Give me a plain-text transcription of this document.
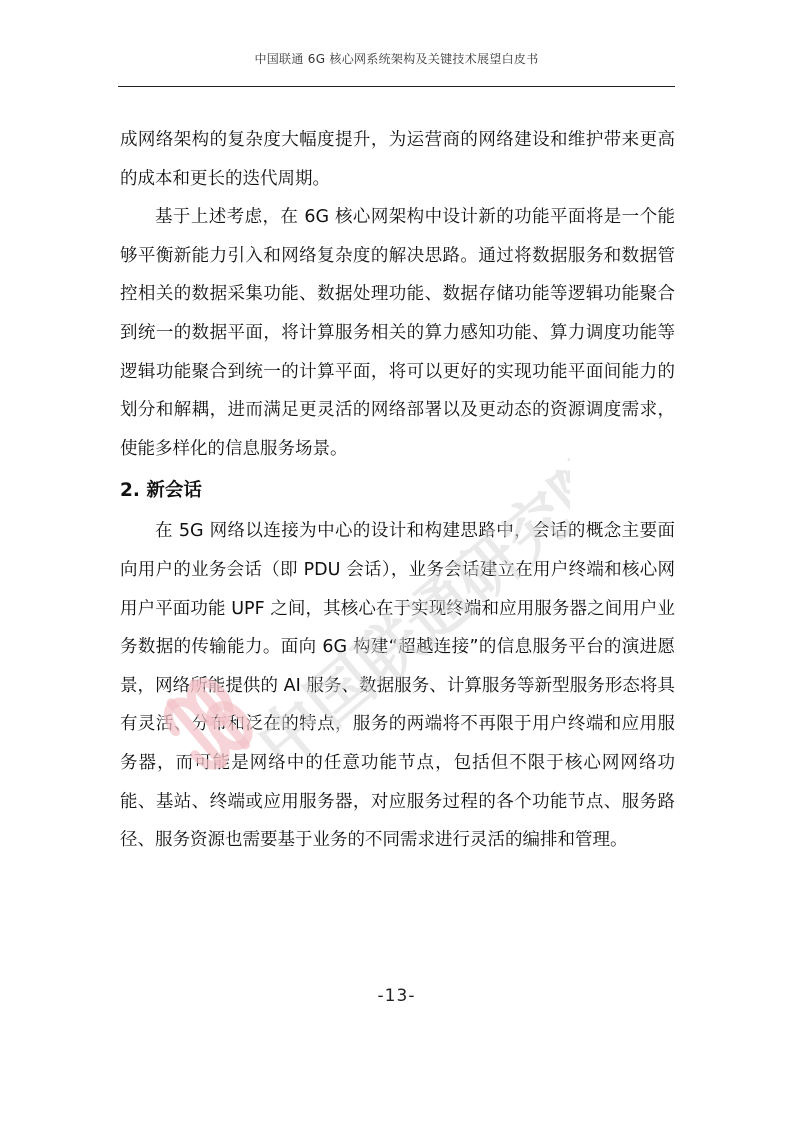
中国联通 6G 核心网系统架构及关键技术展望白皮书

成网络架构的复杂度大幅度提升，为运营商的网络建设和维护带来更高的成本和更长的迭代周期。

基于上述考虑，在 6G 核心网架构中设计新的功能平面将是一个能够平衡新能力引入和网络复杂度的解决思路。通过将数据服务和数据管控相关的数据采集功能、数据处理功能、数据存储功能等逻辑功能聚合到统一的数据平面，将计算服务相关的算力感知功能、算力调度功能等逻辑功能聚合到统一的计算平面，将可以更好的实现功能平面间能力的划分和解耦，进而满足更灵活的网络部署以及更动态的资源调度需求，使能多样化的信息服务场景。

2. 新会话

在 5G 网络以连接为中心的设计和构建思路中，会话的概念主要面向用户的业务会话（即 PDU 会话），业务会话建立在用户终端和核心网用户平面功能 UPF 之间，其核心在于实现终端和应用服务器之间用户业务数据的传输能力。面向 6G 构建“超越连接”的信息服务平台的演进愿景，网络所能提供的 AI 服务、数据服务、计算服务等新型服务形态将具有灵活、分布和泛在的特点，服务的两端将不再限于用户终端和应用服务器，而可能是网络中的任意功能节点，包括但不限于核心网网络功能、基站、终端或应用服务器，对应服务过程的各个功能节点、服务路径、服务资源也需要基于业务的不同需求进行灵活的编排和管理。

中国联通研究院
-13-
